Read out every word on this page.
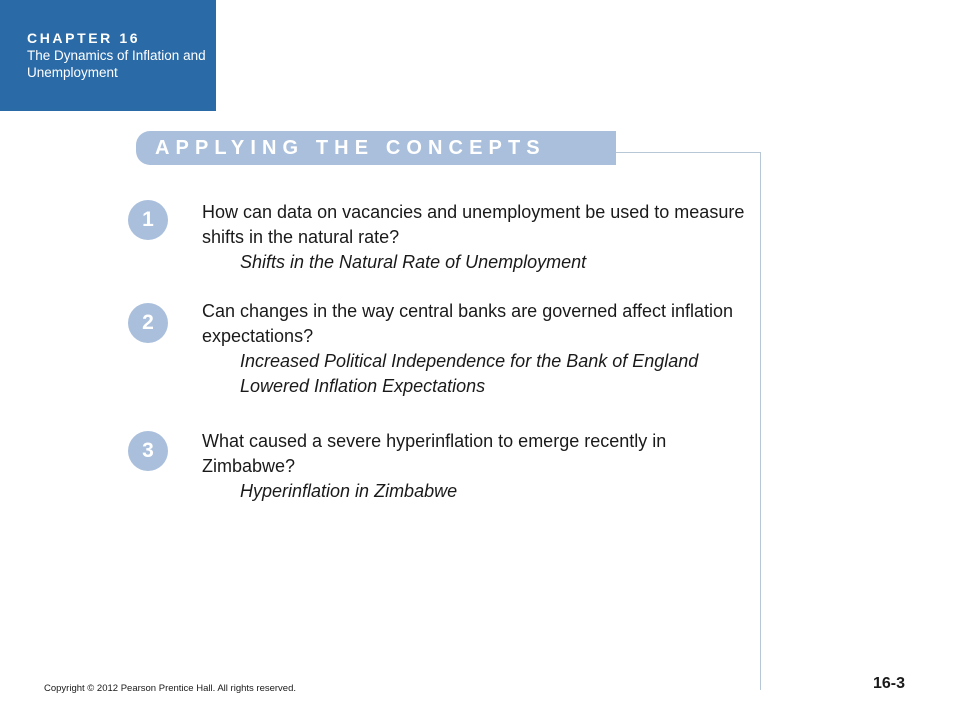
CHAPTER 16
The Dynamics of Inflation and Unemployment
APPLYING THE CONCEPTS
1	How can data on vacancies and unemployment be used to measure shifts in the natural rate?
Shifts in the Natural Rate of Unemployment
2	Can changes in the way central banks are governed affect inflation expectations?
Increased Political Independence for the Bank of England Lowered Inflation Expectations
3	What caused a severe hyperinflation to emerge recently in Zimbabwe?
Hyperinflation in Zimbabwe
Copyright © 2012 Pearson Prentice Hall. All rights reserved.	16-3
